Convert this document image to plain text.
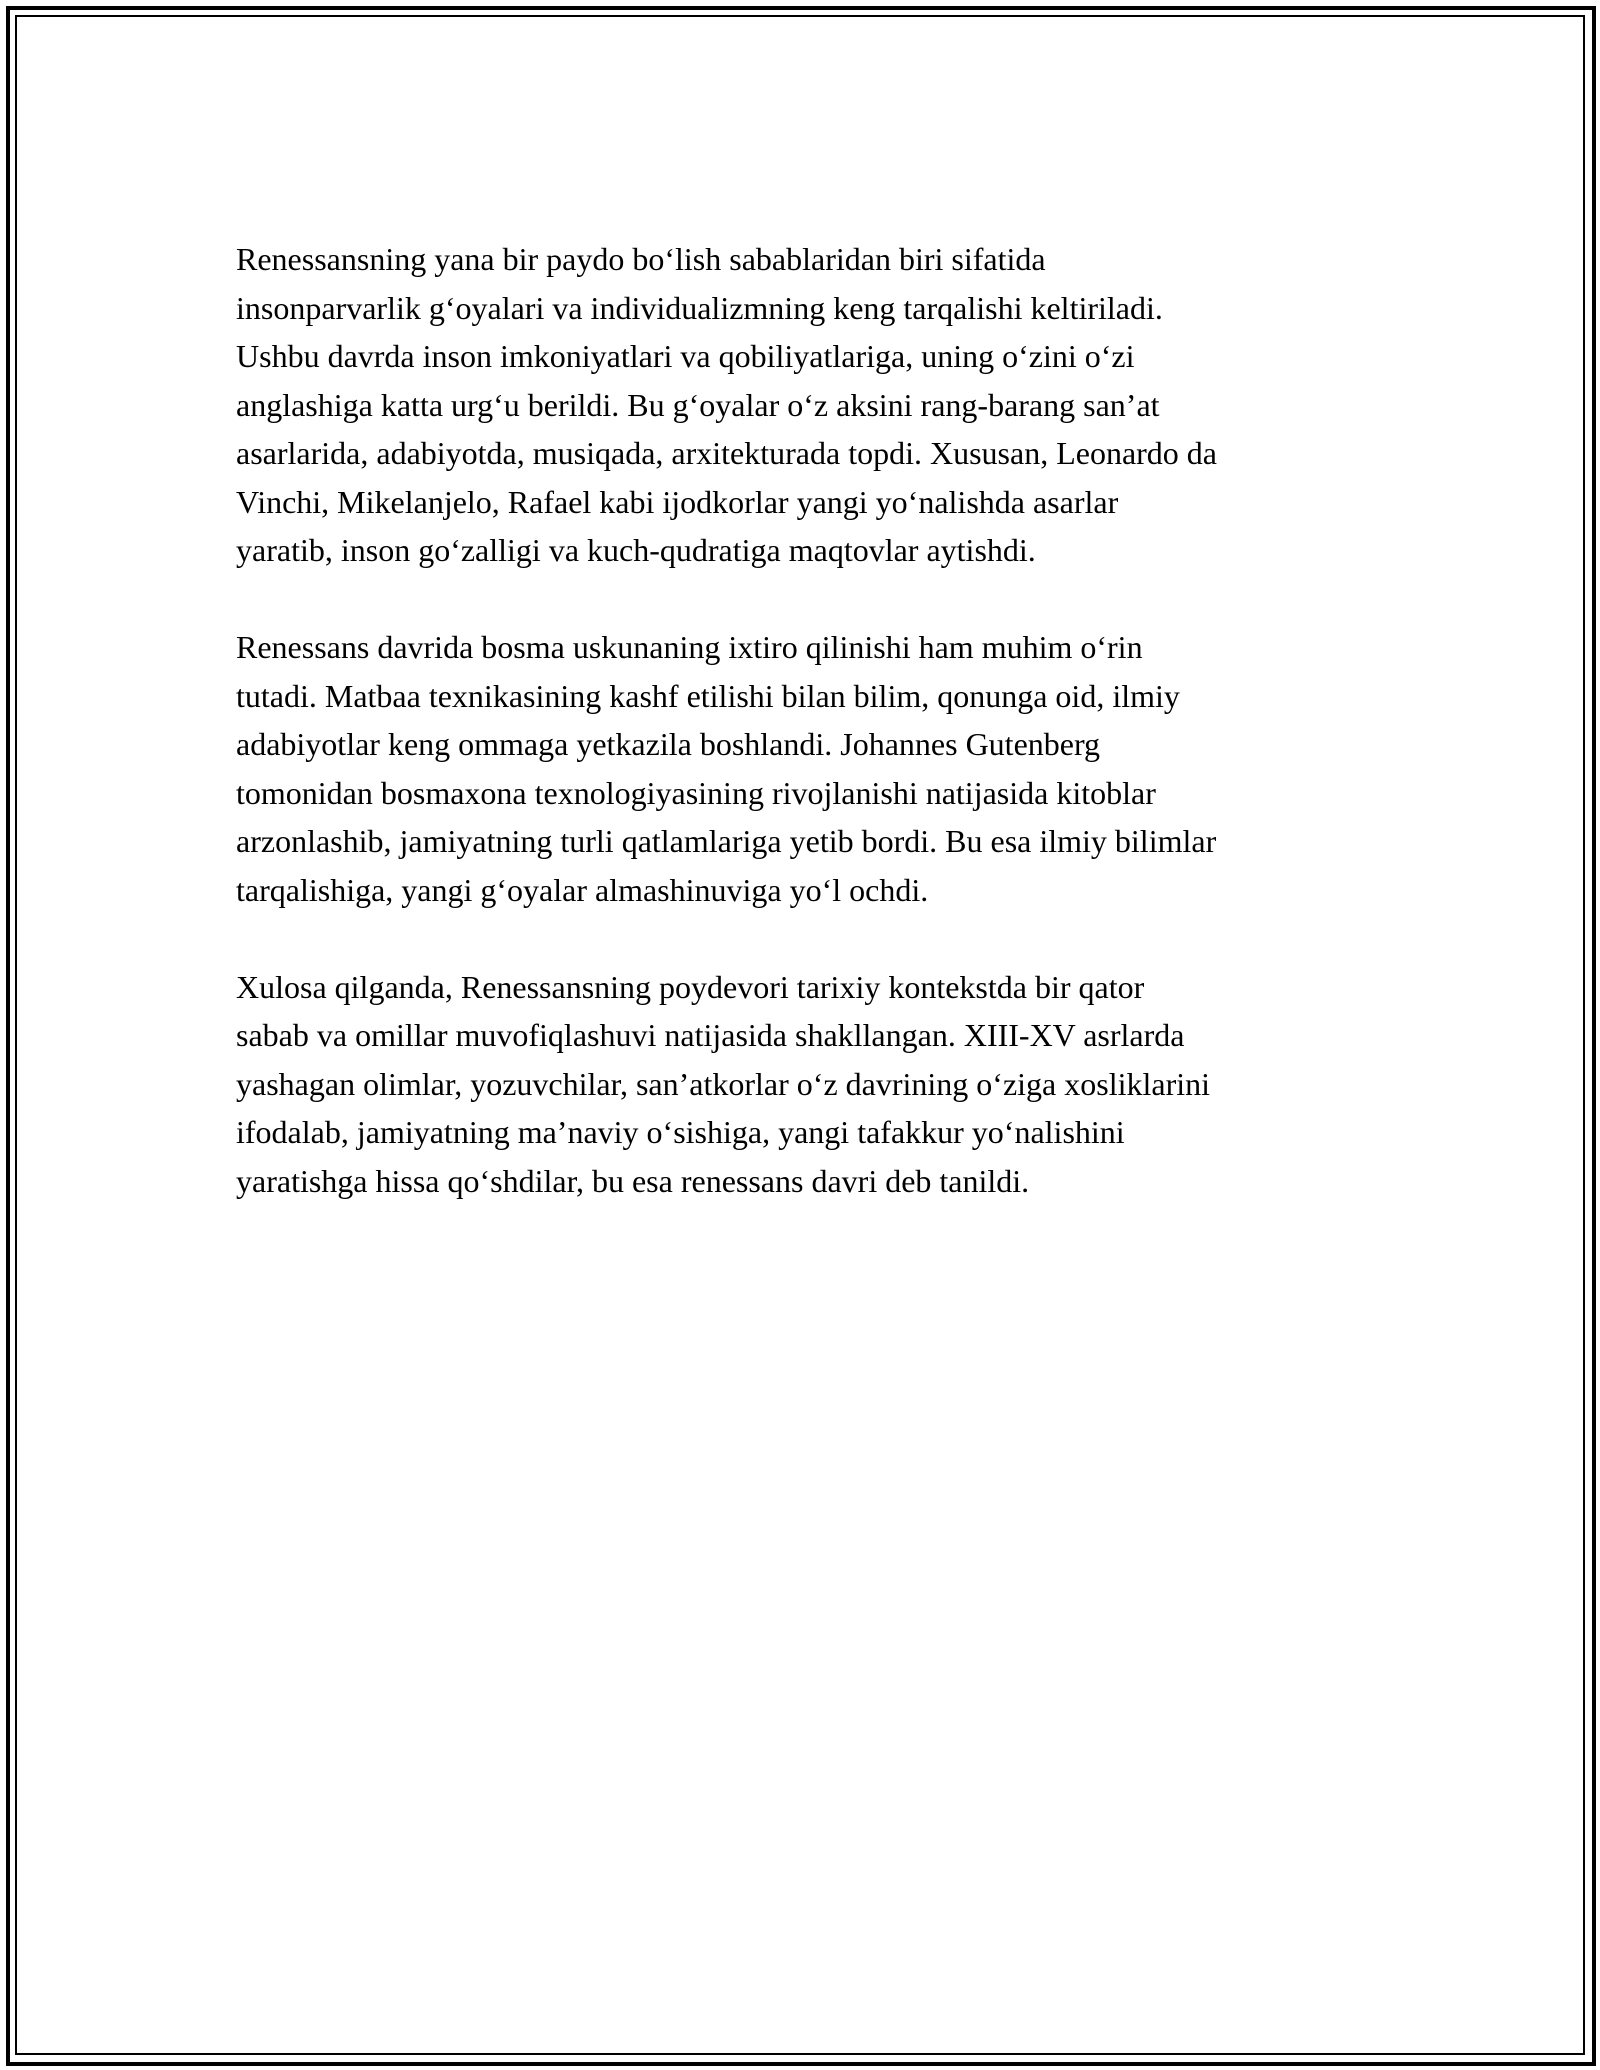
Renessansning yana bir paydo bo‘lish sabablaridan biri sifatida
insonparvarlik g‘oyalari va individualizmning keng tarqalishi keltiriladi.
Ushbu davrda inson imkoniyatlari va qobiliyatlariga, uning o‘zini o‘zi
anglashiga katta urg‘u berildi. Bu g‘oyalar o‘z aksini rang-barang san’at
asarlarida, adabiyotda, musiqada, arxitekturada topdi. Xususan, Leonardo da
Vinchi, Mikelanjelo, Rafael kabi ijodkorlar yangi yo‘nalishda asarlar
yaratib, inson go‘zalligi va kuch-qudratiga maqtovlar aytishdi.
Renessans davrida bosma uskunaning ixtiro qilinishi ham muhim o‘rin
tutadi. Matbaa texnikasining kashf etilishi bilan bilim, qonunga oid, ilmiy
adabiyotlar keng ommaga yetkazila boshlandi. Johannes Gutenberg
tomonidan bosmaxona texnologiyasining rivojlanishi natijasida kitoblar
arzonlashib, jamiyatning turli qatlamlariga yetib bordi. Bu esa ilmiy bilimlar
tarqalishiga, yangi g‘oyalar almashinuviga yo‘l ochdi.
Xulosa qilganda, Renessansning poydevori tarixiy kontekstda bir qator
sabab va omillar muvofiqlashuvi natijasida shakllangan. XIII-XV asrlarda
yashagan olimlar, yozuvchilar, san’atkorlar o‘z davrining o‘ziga xosliklarini
ifodalab, jamiyatning ma’naviy o‘sishiga, yangi tafakkur yo‘nalishini
yaratishga hissa qo‘shdilar, bu esa renessans davri deb tanildi.
